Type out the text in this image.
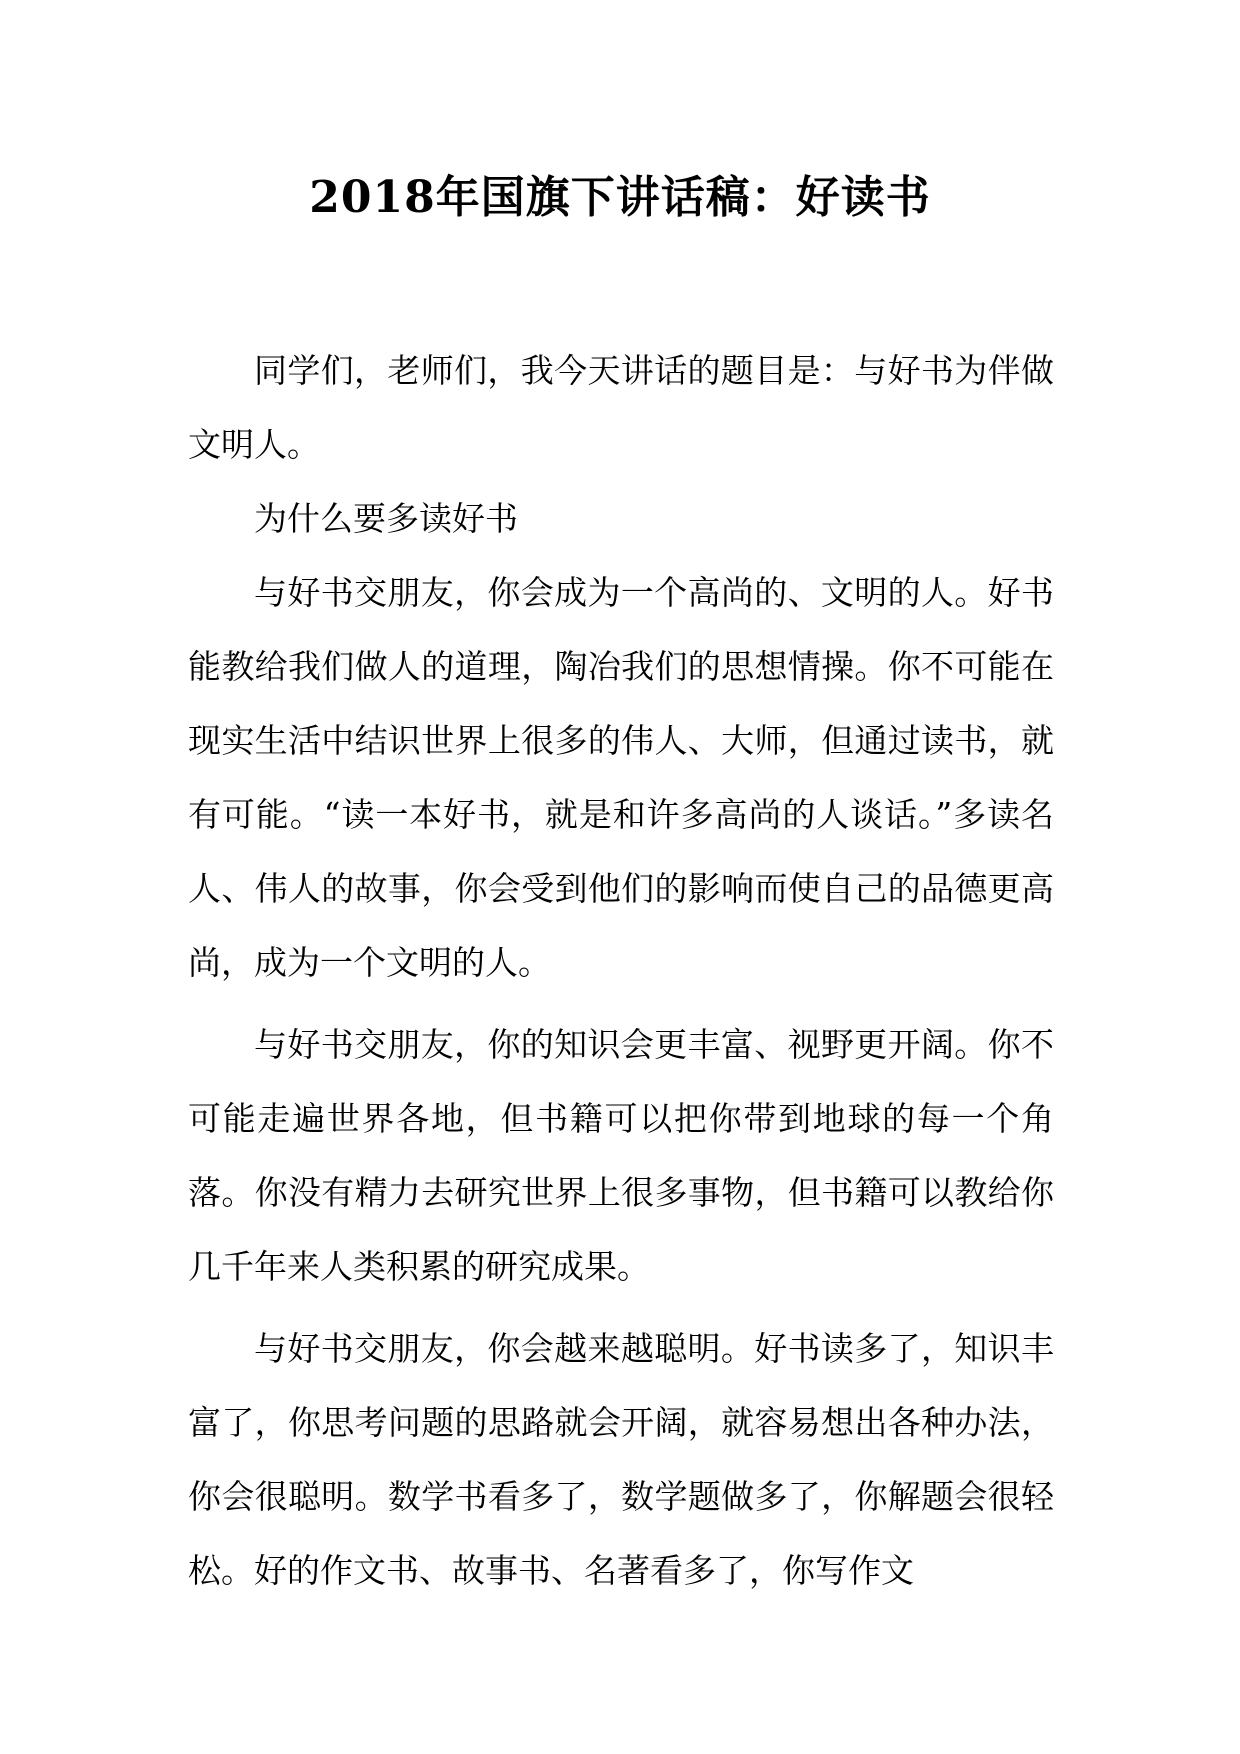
2018年国旗下讲话稿：好读书

同学们，老师们，我今天讲话的题目是：与好书为伴做文明人。

为什么要多读好书

与好书交朋友，你会成为一个高尚的、文明的人。好书能教给我们做人的道理，陶冶我们的思想情操。你不可能在现实生活中结识世界上很多的伟人、大师，但通过读书，就有可能。“读一本好书，就是和许多高尚的人谈话。”多读名人、伟人的故事，你会受到他们的影响而使自己的品德更高尚，成为一个文明的人。

与好书交朋友，你的知识会更丰富、视野更开阔。你不可能走遍世界各地，但书籍可以把你带到地球的每一个角落。你没有精力去研究世界上很多事物，但书籍可以教给你几千年来人类积累的研究成果。

与好书交朋友，你会越来越聪明。好书读多了，知识丰富了，你思考问题的思路就会开阔，就容易想出各种办法，你会很聪明。数学书看多了，数学题做多了，你解题会很轻松。好的作文书、故事书、名著看多了，你写作文
